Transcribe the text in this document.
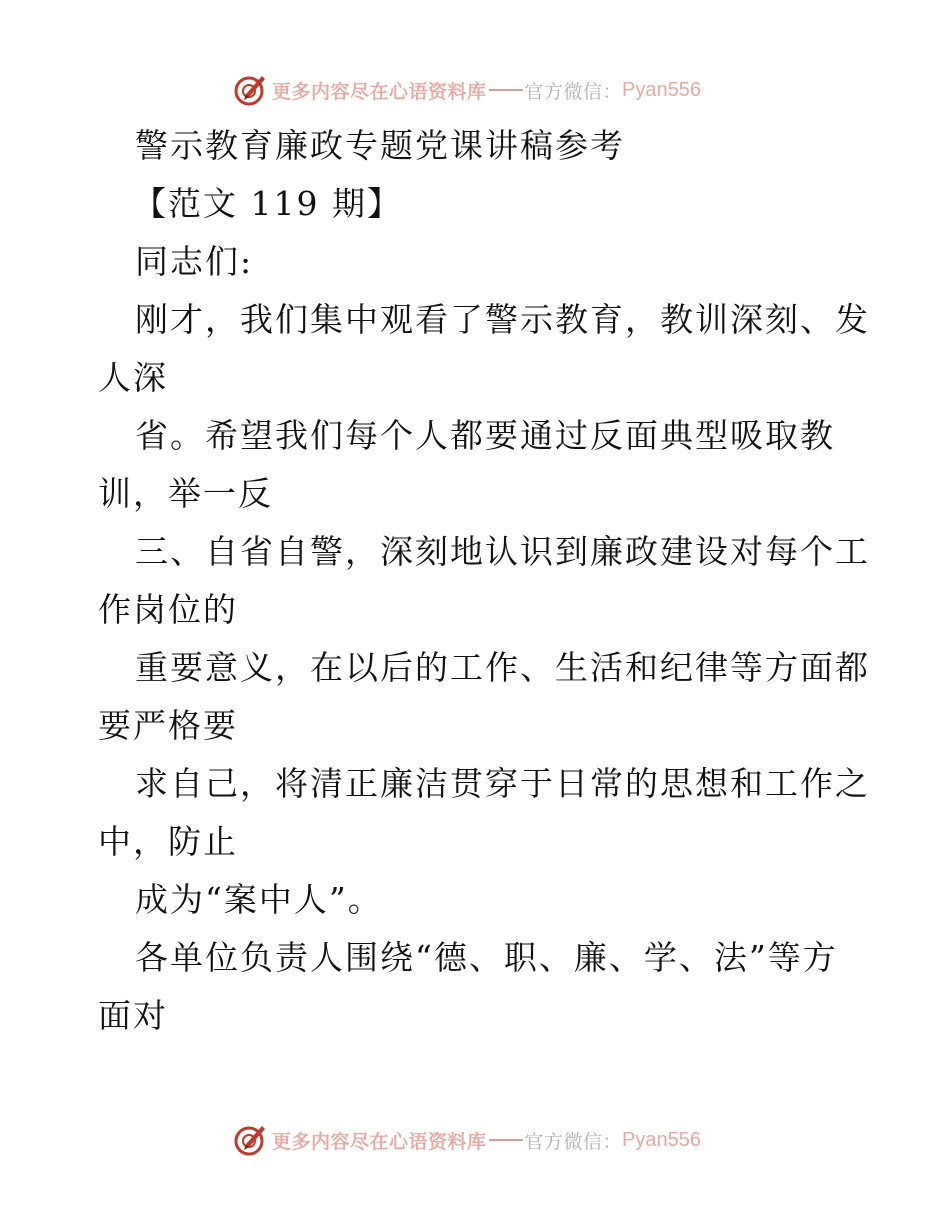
更多内容尽在心语资料库 官方微信： Pyan556
警示教育廉政专题党课讲稿参考
【范文 119 期】
同志们:
刚才，我们集中观看了警示教育，教训深刻、发
人深
省。希望我们每个人都要通过反面典型吸取教
训，举一反
三、自省自警，深刻地认识到廉政建设对每个工
作岗位的
重要意义，在以后的工作、生活和纪律等方面都
要严格要
求自己，将清正廉洁贯穿于日常的思想和工作之
中，防止
成为“案中人”。
各单位负责人围绕“德、职、廉、学、法”等方
面对
更多内容尽在心语资料库 官方微信： Pyan556
